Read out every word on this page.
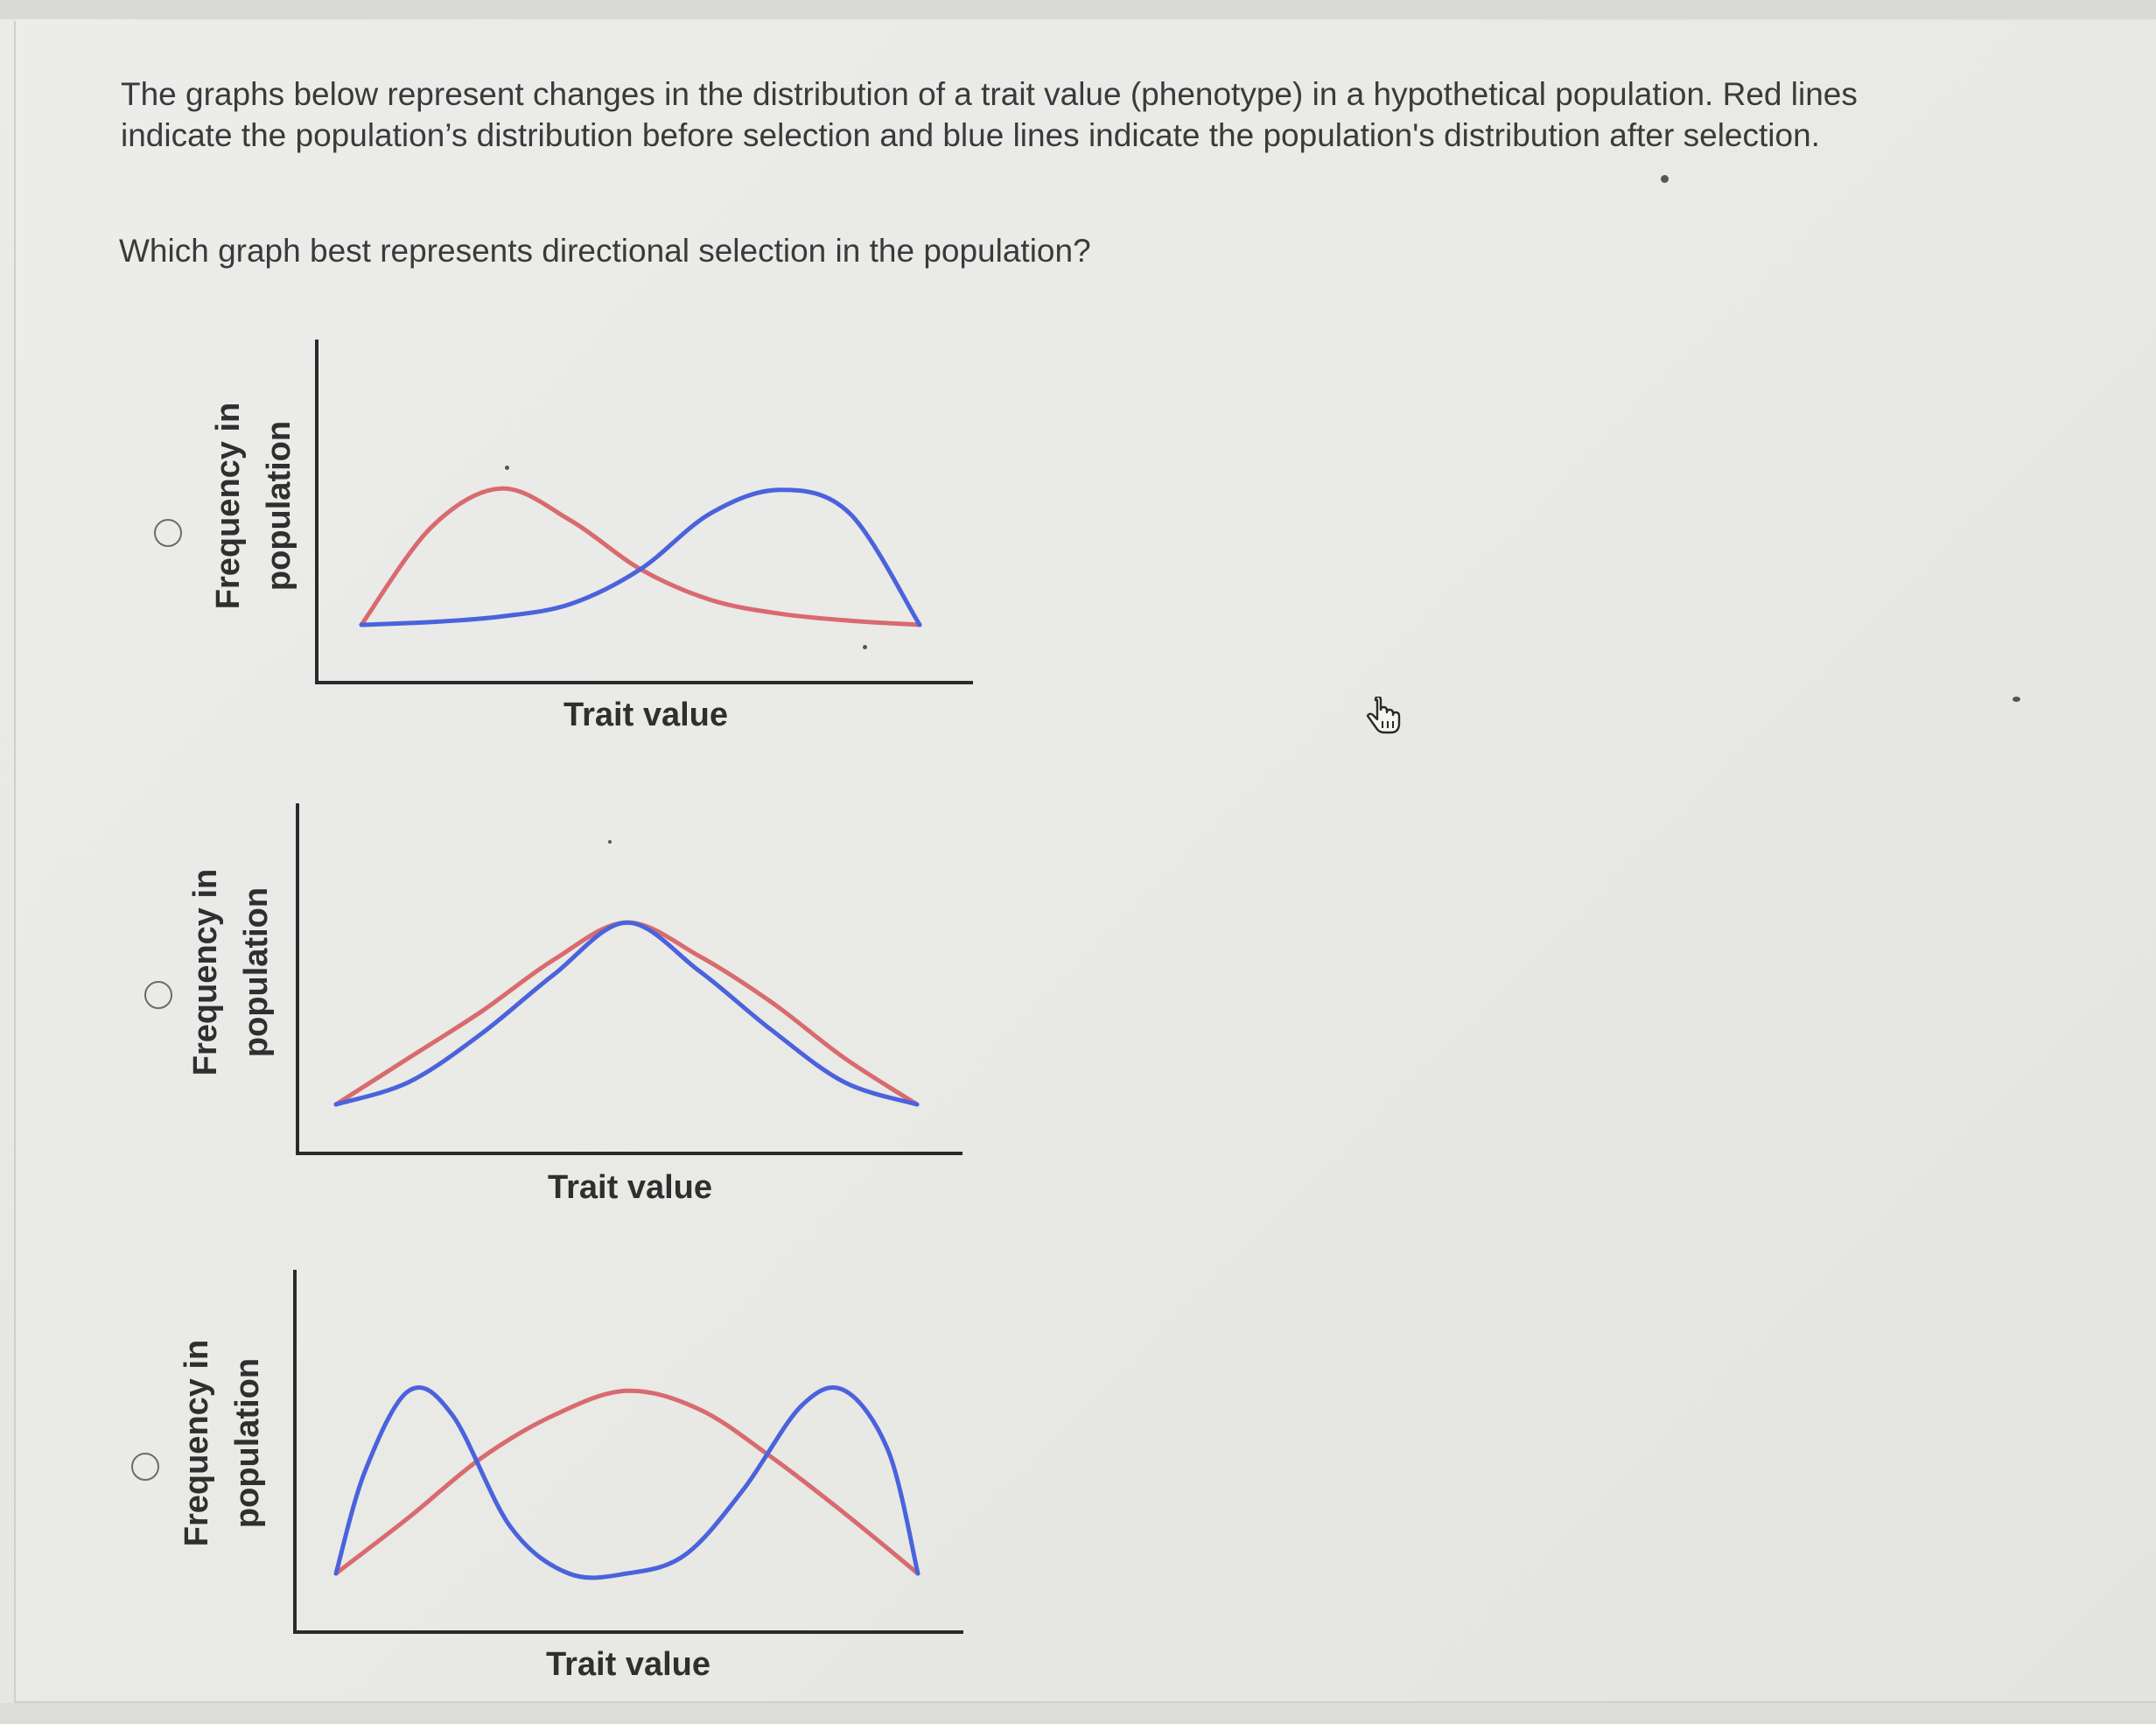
The graphs below represent changes in the distribution of a trait value (phenotype) in a hypothetical population. Red lines indicate the population’s distribution before selection and blue lines indicate the population's distribution after selection.

Which graph best represents directional selection in the population?

Frequency in population
Trait value
Frequency in population
Trait value
Frequency in population
Trait value
